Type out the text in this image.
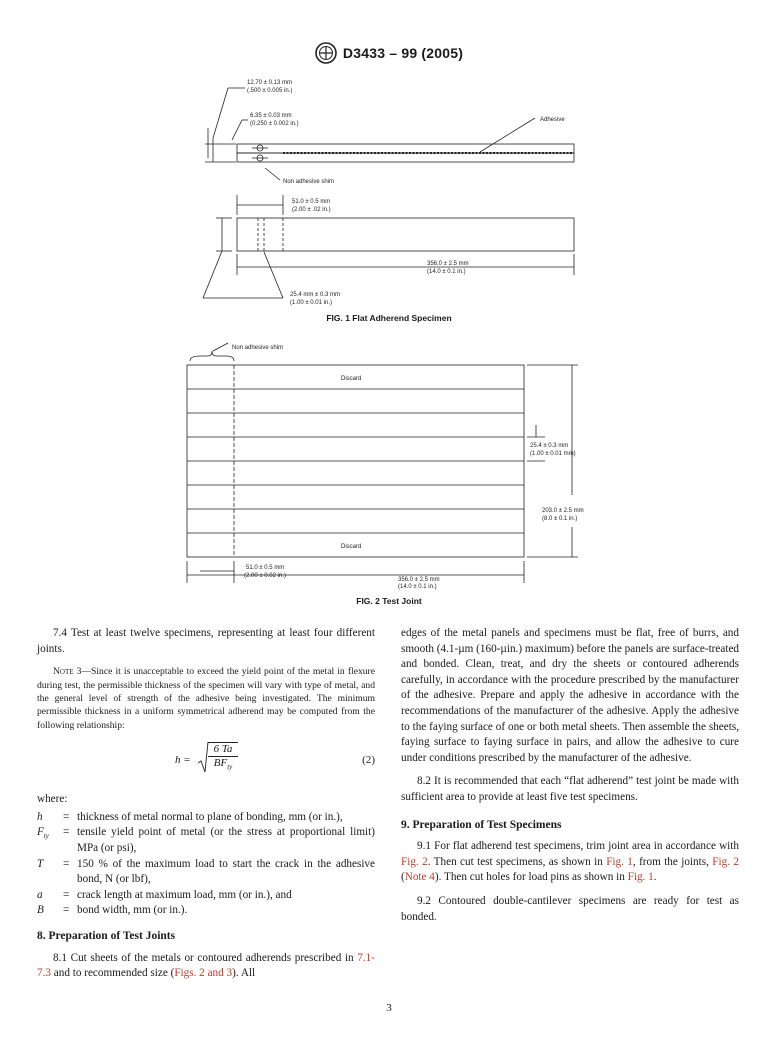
D3433 – 99 (2005)
12.70 ± 0.13 mm
(.500 ± 0.005 in.)
6.35 ± 0.03 mm
(0.250 ± 0.002 in.)
Adhesive
Non adhesive shim
51.0 ± 0.5 mm
(2.00 ± .02 in.)
356.0 ± 2.5 mm
(14.0 ± 0.1 in.)
25.4 mm ± 0.3 mm
(1.00 ± 0.01 in.)
FIG. 1 Flat Adherend Specimen
Non adhesive shim
Discard
Discard
25.4 ± 0.3 mm
(1.00 ± 0.01 mm)
203.0 ± 2.5 mm
(8.0 ± 0.1 in.)
51.0 ± 0.5 mm
(2.00 ± 0.02 in.)
356.0 ± 2.5 mm
(14.0 ± 0.1 in.)
FIG. 2 Test Joint

7.4 Test at least twelve specimens, representing at least four different joints.

Note 3—Since it is unacceptable to exceed the yield point of the metal in flexure during test, the permissible thickness of the specimen will vary with type of metal, and the general level of strength of the adhesive being investigated. The minimum permissible thickness in a uniform symmetrical adherend may be computed from the following relationship:

h =
6 Ta
$BF_{ty}$
(2)

where:

h	= thickness of metal normal to plane of bonding, mm (or in.),
$F_{ty}$	= tensile yield point of metal (or the stress at proportional limit) MPa (or psi),
T	= 150 % of the maximum load to start the crack in the adhesive bond, N (or lbf),
a	= crack length at maximum load, mm (or in.), and
B	= bond width, mm (or in.).

8. Preparation of Test Joints

8.1 Cut sheets of the metals or contoured adherends prescribed in 7.1-7.3 and to recommended size (Figs. 2 and 3). All

edges of the metal panels and specimens must be flat, free of burrs, and smooth (4.1-µm (160-µin.) maximum) before the panels are surface-treated and bonded. Clean, treat, and dry the sheets or contoured adherends carefully, in accordance with the procedure prescribed by the manufacturer of the adhesive. Prepare and apply the adhesive in accordance with the recommendations of the manufacturer of the adhesive. Apply the adhesive to the faying surface of one or both metal sheets. Then assemble the sheets, faying surface to faying surface in pairs, and allow the adhesive to cure under conditions prescribed by the manufacturer of the adhesive.

8.2 It is recommended that each “flat adherend” test joint be made with sufficient area to provide at least five test specimens.

9. Preparation of Test Specimens

9.1 For flat adherend test specimens, trim joint area in accordance with Fig. 2. Then cut test specimens, as shown in Fig. 1, from the joints, Fig. 2 (Note 4). Then cut holes for load pins as shown in Fig. 1.

9.2 Contoured double-cantilever specimens are ready for test as bonded.

3
